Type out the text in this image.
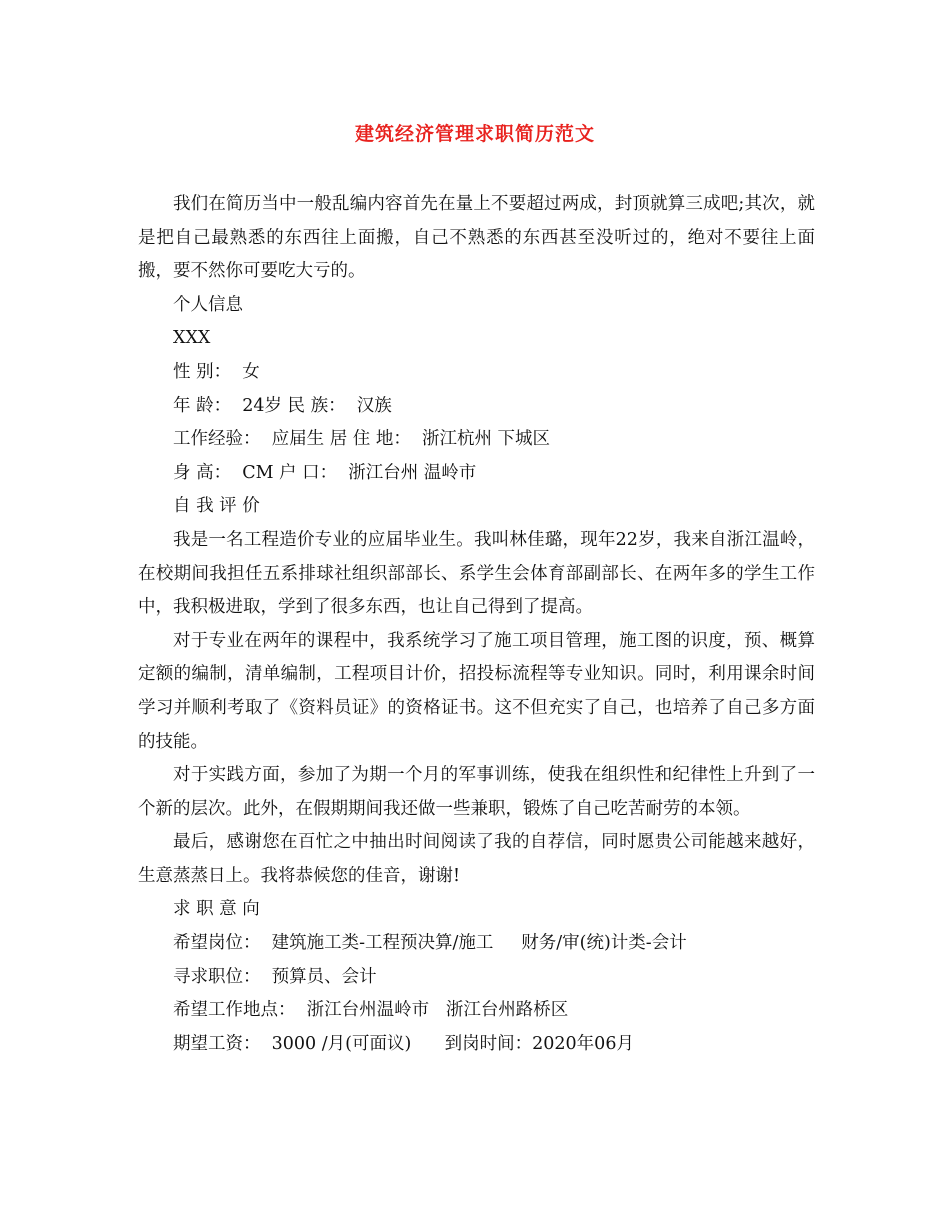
建筑经济管理求职简历范文

我们在简历当中一般乱编内容首先在量上不要超过两成，封顶就算三成吧;其次，就是把自己最熟悉的东西往上面搬，自己不熟悉的东西甚至没听过的，绝对不要往上面搬，要不然你可要吃大亏的。

个人信息
XXX
性 别：  女
年 龄：  24岁 民 族：  汉族
工作经验：  应届生 居 住 地：  浙江杭州 下城区
身 高：  CM 户 口：  浙江台州 温岭市
自 我 评 价

我是一名工程造价专业的应届毕业生。我叫林佳璐，现年22岁，我来自浙江温岭，在校期间我担任五系排球社组织部部长、系学生会体育部副部长、在两年多的学生工作中，我积极进取，学到了很多东西，也让自己得到了提高。

对于专业在两年的课程中，我系统学习了施工项目管理，施工图的识度，预、概算定额的编制，清单编制，工程项目计价，招投标流程等专业知识。同时，利用课余时间学习并顺利考取了《资料员证》的资格证书。这不但充实了自己，也培养了自己多方面的技能。

对于实践方面，参加了为期一个月的军事训练，使我在组织性和纪律性上升到了一个新的层次。此外，在假期期间我还做一些兼职，锻炼了自己吃苦耐劳的本领。

最后，感谢您在百忙之中抽出时间阅读了我的自荐信，同时愿贵公司能越来越好，生意蒸蒸日上。我将恭候您的佳音，谢谢!

求 职 意 向
希望岗位：  建筑施工类-工程预决算/施工     财务/审(统)计类-会计
寻求职位：  预算员、会计
希望工作地点：  浙江台州温岭市   浙江台州路桥区
期望工资：  3000 /月(可面议)      到岗时间：2020年06月
